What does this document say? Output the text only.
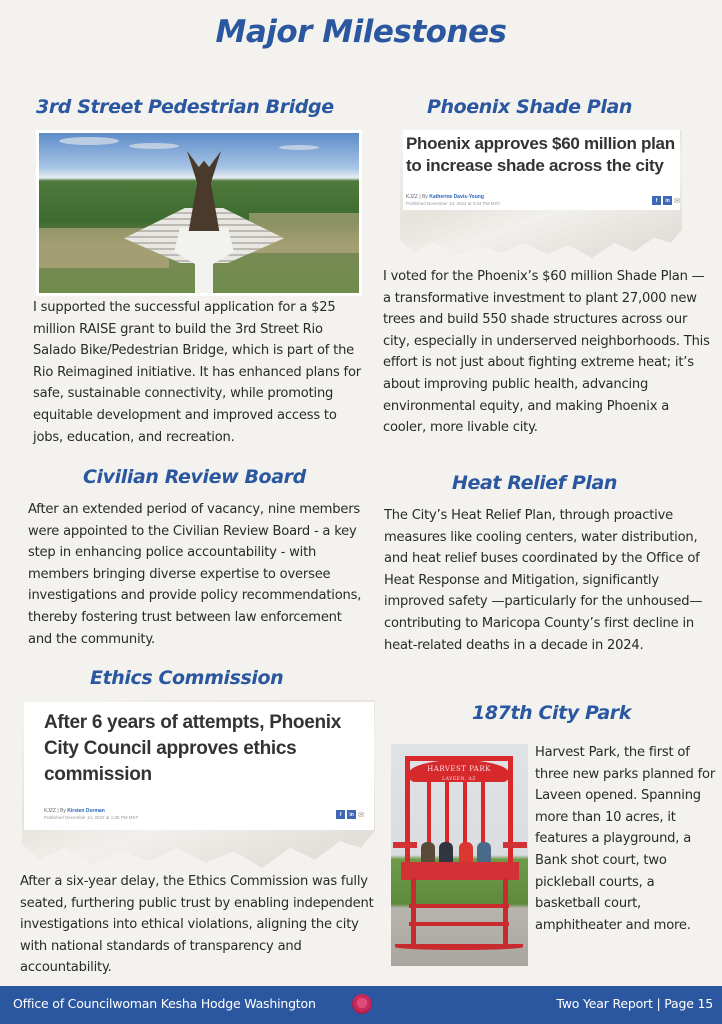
Major Milestones
3rd Street Pedestrian Bridge

I supported the successful application for a $25 million RAISE grant to build the 3rd Street Rio Salado Bike/Pedestrian Bridge, which is part of the Rio Reimagined initiative. It has enhanced plans for safe, sustainable connectivity, while promoting equitable development and improved access to jobs, education, and recreation.

Phoenix Shade Plan
Phoenix approves $60 million plan to increase shade across the city
KJZZ | By Katherine Davis-Young
Published November 14, 2024 at 2:04 PM MST	f	in ✉

I voted for the Phoenix’s $60 million Shade Plan — a transformative investment to plant 27,000 new trees and build 550 shade structures across our city, especially in underserved neighborhoods. This effort is not just about fighting extreme heat; it’s about improving public health, advancing environmental equity, and making Phoenix a cooler, more livable city.

Civilian Review Board

After an extended period of vacancy, nine members were appointed to the Civilian Review Board - a key step in enhancing police accountability - with members bringing diverse expertise to oversee investigations and provide policy recommendations, thereby fostering trust between law enforcement and the community.

Heat Relief Plan

The City’s Heat Relief Plan, through proactive measures like cooling centers, water distribution, and heat relief buses coordinated by the Office of Heat Response and Mitigation, significantly improved safety —particularly for the unhoused—contributing to Maricopa County’s first decline in heat-related deaths in a decade in 2024.

Ethics Commission
After 6 years of attempts, Phoenix City Council approves ethics commission
KJZZ | By Kirsten Dorman
Published December 14, 2023 at 1:35 PM MST	f	in ✉

After a six-year delay, the Ethics Commission was fully seated, furthering public trust by enabling independent investigations into ethical violations, aligning the city with national standards of transparency and accountability.

187th City Park
HARVEST PARK
LAVEEN, AZ

Harvest Park, the first of three new parks planned for Laveen opened. Spanning more than 10 acres, it features a playground, a Bank shot court, two pickleball courts, a basketball court, amphitheater and more.

Office of Councilwoman Kesha Hodge Washington	Two Year Report | Page 15
